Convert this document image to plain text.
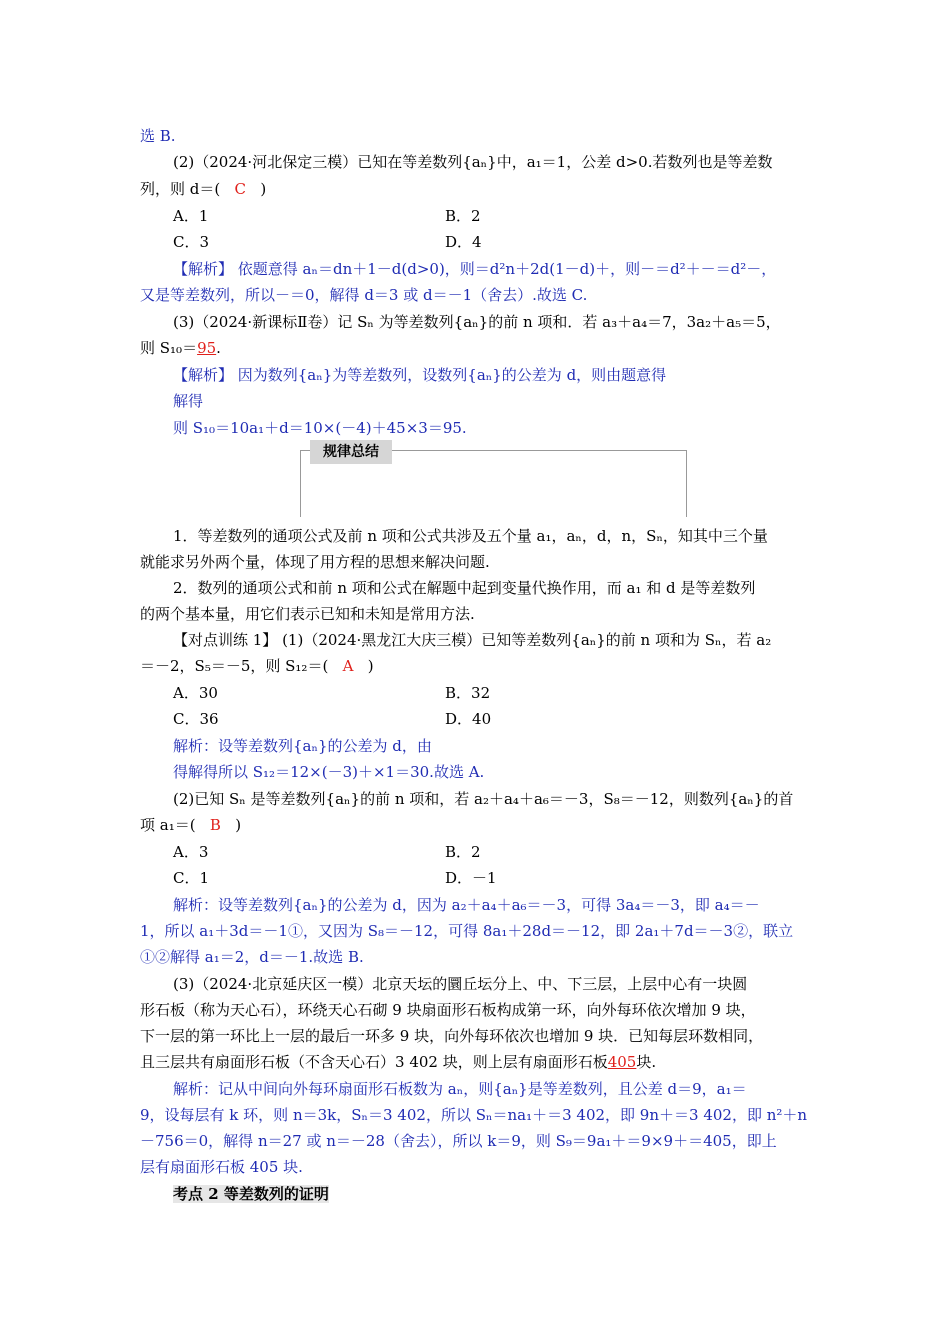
选 B.
(2)（2024·河北保定三模）已知在等差数列{aₙ}中，a₁＝1，公差 d>0.若数列也是等差数
列，则 d＝( C )
A．1	B．2
C．3	D．4
【解析】 依题意得 aₙ＝dn＋1－d(d>0)，则＝d²n＋2d(1－d)＋，则－＝d²＋－＝d²－，
又是等差数列，所以－＝0，解得 d＝3 或 d＝－1（舍去）.故选 C.
(3)（2024·新课标Ⅱ卷）记 Sₙ 为等差数列{aₙ}的前 n 项和．若 a₃＋a₄＝7，3a₂＋a₅＝5，
则 S₁₀＝95.
【解析】 因为数列{aₙ}为等差数列，设数列{aₙ}的公差为 d，则由题意得
解得
则 S₁₀＝10a₁＋d＝10×(－4)＋45×3＝95.
规律总结
1．等差数列的通项公式及前 n 项和公式共涉及五个量 a₁，aₙ，d，n，Sₙ，知其中三个量
就能求另外两个量，体现了用方程的思想来解决问题.
2．数列的通项公式和前 n 项和公式在解题中起到变量代换作用，而 a₁ 和 d 是等差数列
的两个基本量，用它们表示已知和未知是常用方法.
【对点训练 1】 (1)（2024·黑龙江大庆三模）已知等差数列{aₙ}的前 n 项和为 Sₙ，若 a₂
＝－2，S₅＝－5，则 S₁₂＝( A )
A．30	B．32
C．36	D．40
解析：设等差数列{aₙ}的公差为 d，由
得解得所以 S₁₂＝12×(－3)＋×1＝30.故选 A.
(2)已知 Sₙ 是等差数列{aₙ}的前 n 项和，若 a₂＋a₄＋a₆＝－3，S₈＝－12，则数列{aₙ}的首
项 a₁＝( B )
A．3	B．2
C．1	D．－1
解析：设等差数列{aₙ}的公差为 d，因为 a₂＋a₄＋a₆＝－3，可得 3a₄＝－3，即 a₄＝－
1，所以 a₁＋3d＝－1①，又因为 S₈＝－12，可得 8a₁＋28d＝－12，即 2a₁＋7d＝－3②，联立
①②解得 a₁＝2，d＝－1.故选 B.
(3)（2024·北京延庆区一模）北京天坛的圜丘坛分上、中、下三层，上层中心有一块圆
形石板（称为天心石），环绕天心石砌 9 块扇面形石板构成第一环，向外每环依次增加 9 块，
下一层的第一环比上一层的最后一环多 9 块，向外每环依次也增加 9 块．已知每层环数相同，
且三层共有扇面形石板（不含天心石）3 402 块，则上层有扇面形石板405块.
解析：记从中间向外每环扇面形石板数为 aₙ，则{aₙ}是等差数列，且公差 d＝9，a₁＝
9，设每层有 k 环，则 n＝3k，Sₙ＝3 402，所以 Sₙ＝na₁＋＝3 402，即 9n＋＝3 402，即 n²＋n
－756＝0，解得 n＝27 或 n＝－28（舍去），所以 k＝9，则 S₉＝9a₁＋＝9×9＋＝405，即上
层有扇面形石板 405 块.
考点 2 等差数列的证明
